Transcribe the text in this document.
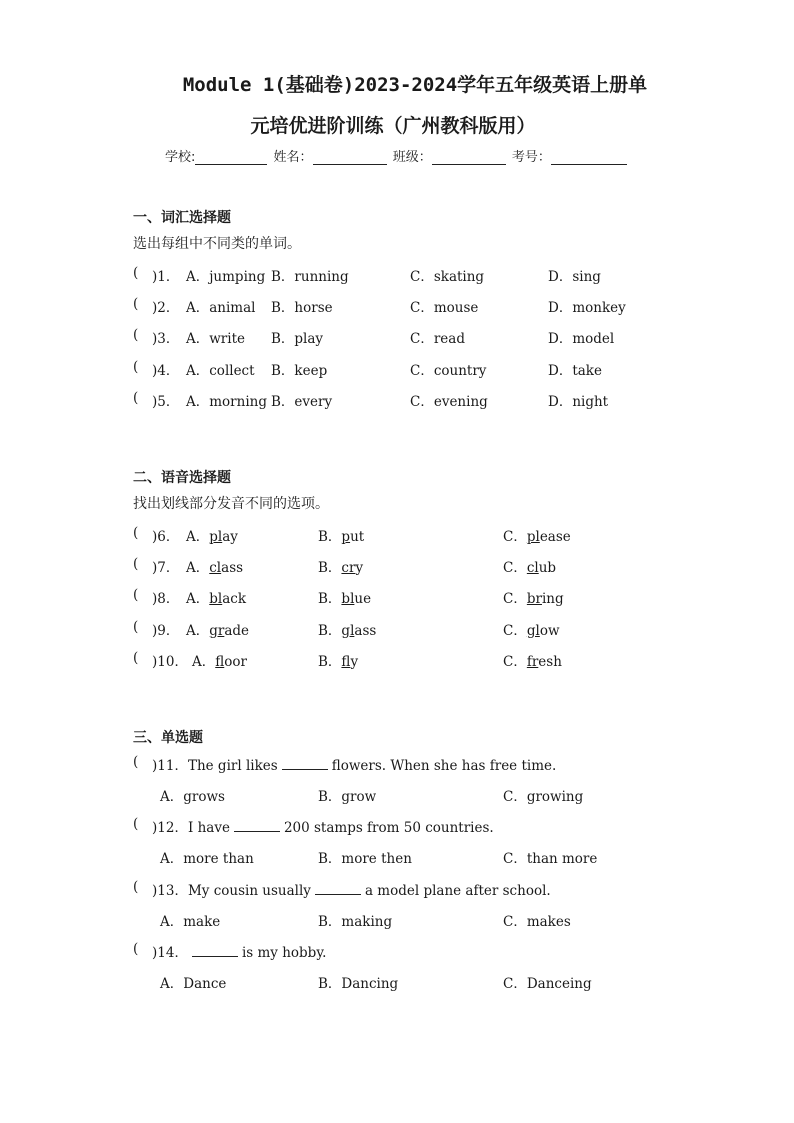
Module 1(基础卷)2023-2024学年五年级英语上册单
元培优进阶训练（广州教科版用）
学校:	姓名：	班级：	考号：
一、词汇选择题
选出每组中不同类的单词。
( )1． A．jumping B．running	C．skating	D．sing
( )2． A．animal B．horse	C．mouse	D．monkey
( )3． A．write B．play	C．read	D．model
( )4． A．collect B．keep	C．country	D．take
( )5． A．morning B．every	C．evening	D．night
二、语音选择题
找出划线部分发音不同的选项。
( )6． A．play	B．put	C．please
( )7． A．class	B．cry	C．club
( )8． A．black	B．blue	C．bring
( )9． A．grade	B．glass	C．glow
( )10． A．floor	B．fly	C．fresh
三、单选题
( )11．The girl likes	flowers. When she has free time.
A．grows	B．grow	C．growing
( )12．I have	200 stamps from 50 countries.
A．more than	B．more then	C．than more
( )13．My cousin usually	a model plane after school.
A．make	B．making	C．makes
( )14．	is my hobby.
A．Dance	B．Dancing	C．Danceing
